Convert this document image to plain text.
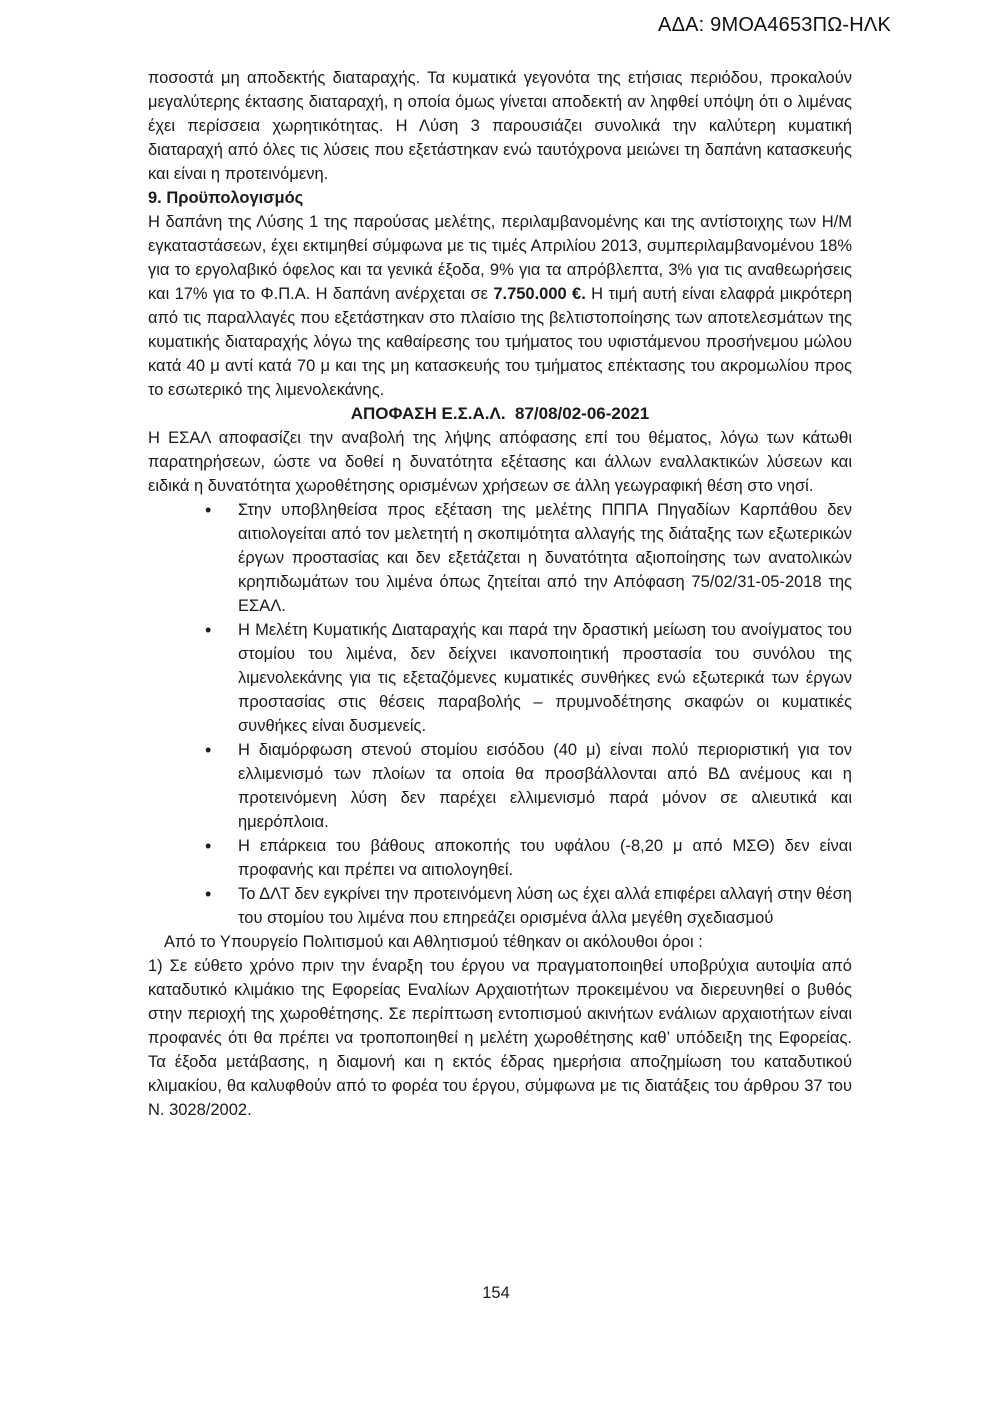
ΑΔΑ: 9ΜΟΑ4653ΠΩ-ΗΛΚ

ποσοστά μη αποδεκτής διαταραχής. Τα κυματικά γεγονότα της ετήσιας περιόδου, προκαλούν μεγαλύτερης έκτασης διαταραχή, η οποία όμως γίνεται αποδεκτή αν ληφθεί υπόψη ότι ο λιμένας έχει περίσσεια χωρητικότητας. Η Λύση 3 παρουσιάζει συνολικά την καλύτερη κυματική διαταραχή από όλες τις λύσεις που εξετάστηκαν ενώ ταυτόχρονα μειώνει τη δαπάνη κατασκευής και είναι η προτεινόμενη.

9. Προϋπολογισμός

Η δαπάνη της Λύσης 1 της παρούσας μελέτης, περιλαμβανομένης και της αντίστοιχης των Η/Μ εγκαταστάσεων, έχει εκτιμηθεί σύμφωνα με τις τιμές Απριλίου 2013, συμπεριλαμβανομένου 18% για το εργολαβικό όφελος και τα γενικά έξοδα, 9% για τα απρόβλεπτα, 3% για τις αναθεωρήσεις και 17% για το Φ.Π.Α. Η δαπάνη ανέρχεται σε 7.750.000 €. Η τιμή αυτή είναι ελαφρά μικρότερη από τις παραλλαγές που εξετάστηκαν στο πλαίσιο της βελτιστοποίησης των αποτελεσμάτων της κυματικής διαταραχής λόγω της καθαίρεσης του τμήματος του υφιστάμενου προσήνεμου μώλου κατά 40 μ αντί κατά 70 μ και της μη κατασκευής του τμήματος επέκτασης του ακρομωλίου προς το εσωτερικό της λιμενολεκάνης.

ΑΠΟΦΑΣΗ Ε.Σ.Α.Λ.  87/08/02-06-2021

Η ΕΣΑΛ αποφασίζει την αναβολή της λήψης απόφασης επί του θέματος, λόγω των κάτωθι παρατηρήσεων, ώστε να δοθεί η δυνατότητα εξέτασης και άλλων εναλλακτικών λύσεων και ειδικά η δυνατότητα χωροθέτησης ορισμένων χρήσεων σε άλλη γεωγραφική θέση στο νησί.

• Στην υποβληθείσα προς εξέταση της μελέτης ΠΠΠΑ Πηγαδίων Καρπάθου δεν αιτιολογείται από τον μελετητή η σκοπιμότητα αλλαγής της διάταξης των εξωτερικών έργων προστασίας και δεν εξετάζεται η δυνατότητα αξιοποίησης των ανατολικών κρηπιδωμάτων του λιμένα όπως ζητείται από την Απόφαση 75/02/31-05-2018 της ΕΣΑΛ.
• Η Μελέτη Κυματικής Διαταραχής και παρά την δραστική μείωση του ανοίγματος του στομίου του λιμένα, δεν δείχνει ικανοποιητική προστασία του συνόλου της λιμενολεκάνης για τις εξεταζόμενες κυματικές συνθήκες ενώ εξωτερικά των έργων προστασίας στις θέσεις παραβολής – πρυμνοδέτησης σκαφών οι κυματικές συνθήκες είναι δυσμενείς.
• Η διαμόρφωση στενού στομίου εισόδου (40 μ) είναι πολύ περιοριστική για τον ελλιμενισμό των πλοίων τα οποία θα προσβάλλονται από ΒΔ ανέμους και η προτεινόμενη λύση δεν παρέχει ελλιμενισμό παρά μόνον σε αλιευτικά και ημερόπλοια.
• Η επάρκεια του βάθους αποκοπής του υφάλου (-8,20 μ από ΜΣΘ) δεν είναι προφανής και πρέπει να αιτιολογηθεί.
• Το ΔΛΤ δεν εγκρίνει την προτεινόμενη λύση ως έχει αλλά επιφέρει αλλαγή στην θέση του στομίου του λιμένα που επηρεάζει ορισμένα άλλα μεγέθη σχεδιασμού

Από το Υπουργείο Πολιτισμού και Αθλητισμού τέθηκαν οι ακόλουθοι όροι :

1) Σε εύθετο χρόνο πριν την έναρξη του έργου να πραγματοποιηθεί υποβρύχια αυτοψία από καταδυτικό κλιμάκιο της Εφορείας Εναλίων Αρχαιοτήτων προκειμένου να διερευνηθεί ο βυθός στην περιοχή της χωροθέτησης. Σε περίπτωση εντοπισμού ακινήτων ενάλιων αρχαιοτήτων είναι προφανές ότι θα πρέπει να τροποποιηθεί η μελέτη χωροθέτησης καθ’ υπόδειξη της Εφορείας. Τα έξοδα μετάβασης, η διαμονή και η εκτός έδρας ημερήσια αποζημίωση του καταδυτικού κλιμακίου, θα καλυφθούν από το φορέα του έργου, σύμφωνα με τις διατάξεις του άρθρου 37 του Ν. 3028/2002.

154
